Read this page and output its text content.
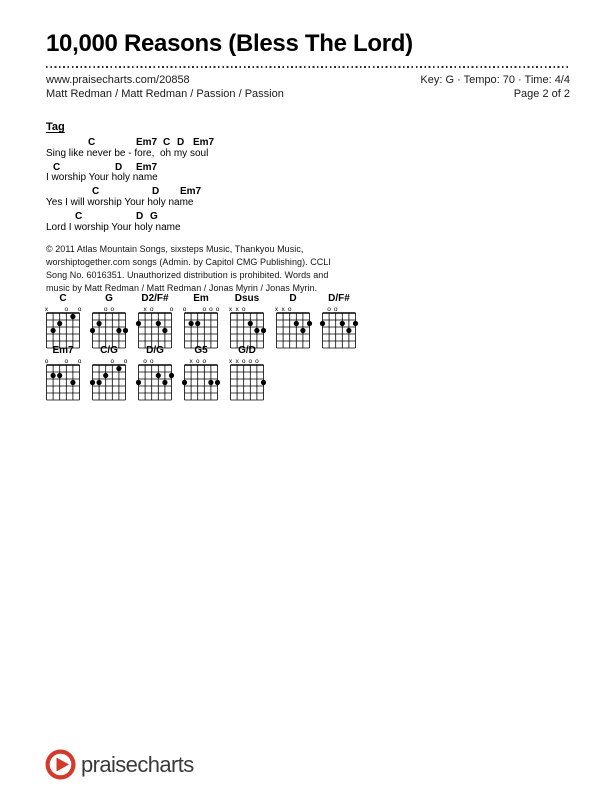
10,000 Reasons (Bless The Lord)
www.praisecharts.com/20858	Key: G · Tempo: 70 · Time: 4/4
Matt Redman / Matt Redman / Passion / Passion	Page 2 of 2
Tag
C	Em7 C D Em7
Sing like never be - fore,  oh my soul
C	D Em7
I worship Your holy name
C	D Em7
Yes I will worship Your holy name
C	D G
Lord I worship Your holy name
© 2011 Atlas Mountain Songs, sixsteps Music, Thankyou Music,
worshiptogether.com songs (Admin. by Capitol CMG Publishing). CCLI
Song No. 6016351. Unauthorized distribution is prohibited. Words and
music by Matt Redman / Matt Redman / Jonas Myrin / Jonas Myrin.
C
x	o o
G
o o
D2/F#
x o o
Em
o o o o
Dsus
x x o
D
x x o
D/F#
o o
Em7
o o o
C/G
o o
D/G
o o
G5
x o o
G/D
x x o o o
praisecharts
